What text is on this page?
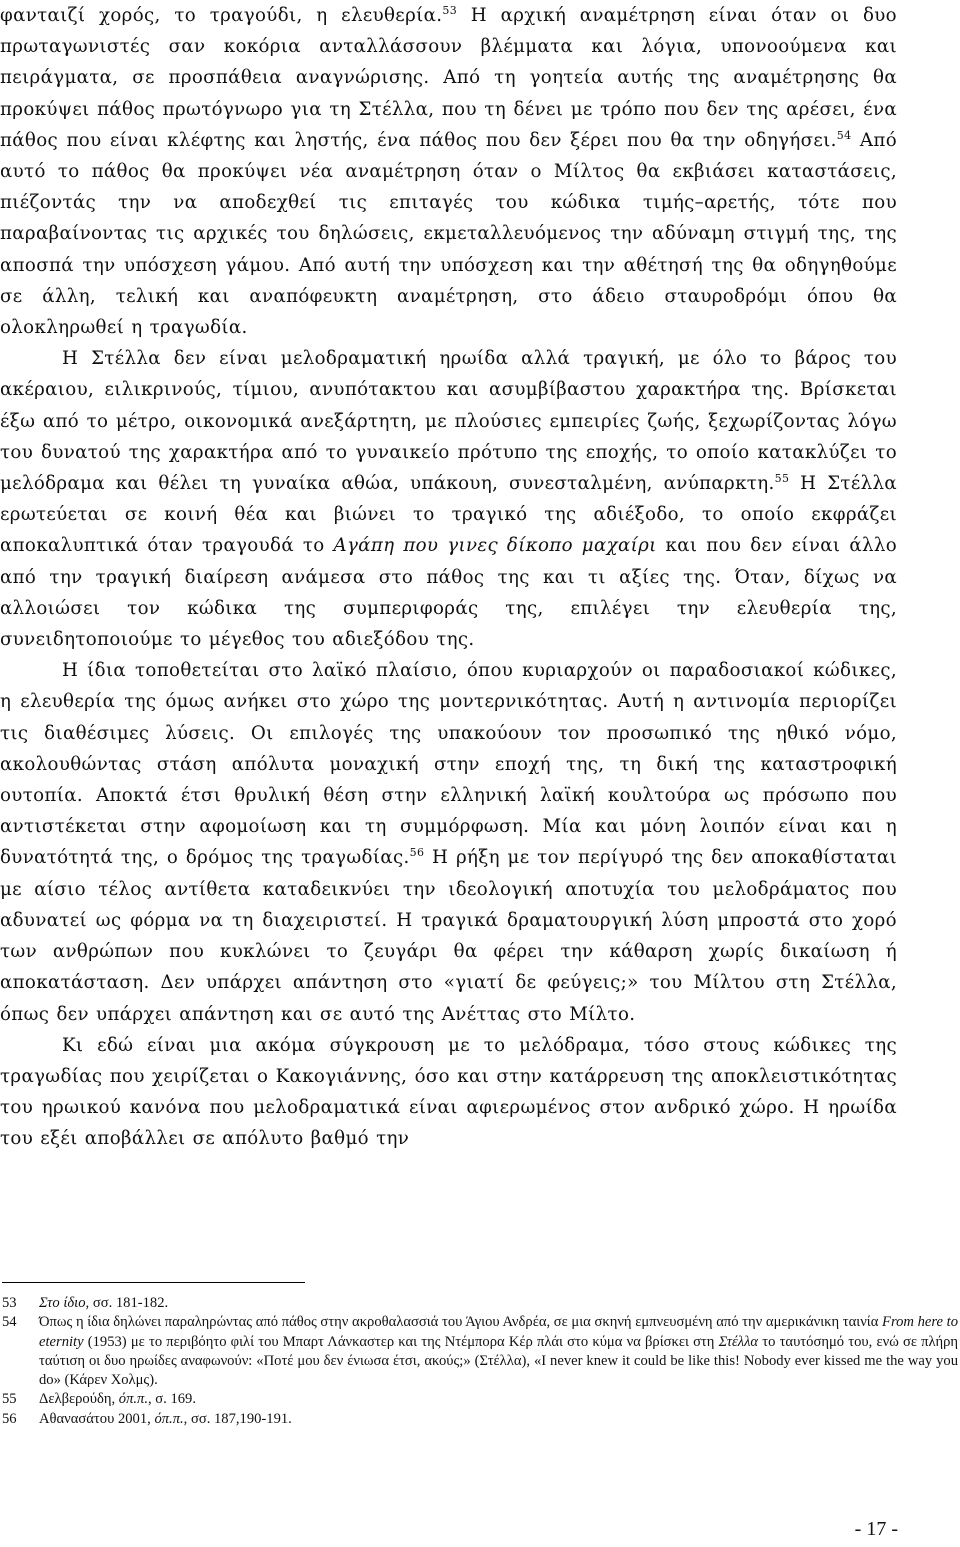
φανταιζί χορός, το τραγούδι, η ελευθερία.$^{53}$ Η αρχική αναμέτρηση είναι όταν οι δυο πρωταγωνιστές σαν κοκόρια ανταλλάσσουν βλέμματα και λόγια, υπονοούμενα και πειράγματα, σε προσπάθεια αναγνώρισης. Από τη γοητεία αυτής της αναμέτρησης θα προκύψει πάθος πρωτόγνωρο για τη Στέλλα, που τη δένει με τρόπο που δεν της αρέσει, ένα πάθος που είναι κλέφτης και ληστής, ένα πάθος που δεν ξέρει που θα την οδηγήσει.$^{54}$ Από αυτό το πάθος θα προκύψει νέα αναμέτρηση όταν ο Μίλτος θα εκβιάσει καταστάσεις, πιέζοντάς την να αποδεχθεί τις επιταγές του κώδικα τιμής–αρετής, τότε που παραβαίνοντας τις αρχικές του δηλώσεις, εκμεταλλευόμενος την αδύναμη στιγμή της, της αποσπά την υπόσχεση γάμου. Από αυτή την υπόσχεση και την αθέτησή της θα οδηγηθούμε σε άλλη, τελική και αναπόφευκτη αναμέτρηση, στο άδειο σταυροδρόμι όπου θα ολοκληρωθεί η τραγωδία.

Η Στέλλα δεν είναι μελοδραματική ηρωίδα αλλά τραγική, με όλο το βάρος του ακέραιου, ειλικρινούς, τίμιου, ανυπότακτου και ασυμβίβαστου χαρακτήρα της. Βρίσκεται έξω από το μέτρο, οικονομικά ανεξάρτητη, με πλούσιες εμπειρίες ζωής, ξεχωρίζοντας λόγω του δυνατού της χαρακτήρα από το γυναικείο πρότυπο της εποχής, το οποίο κατακλύζει το μελόδραμα και θέλει τη γυναίκα αθώα, υπάκουη, συνεσταλμένη, ανύπαρκτη.$^{55}$ Η Στέλλα ερωτεύεται σε κοινή θέα και βιώνει το τραγικό της αδιέξοδο, το οποίο εκφράζει αποκαλυπτικά όταν τραγουδά το Αγάπη που γινες δίκοπο μαχαίρι και που δεν είναι άλλο από την τραγική διαίρεση ανάμεσα στο πάθος της και τι αξίες της. Όταν, δίχως να αλλοιώσει τον κώδικα της συμπεριφοράς της, επιλέγει την ελευθερία της, συνειδητοποιούμε το μέγεθος του αδιεξόδου της.

Η ίδια τοποθετείται στο λαϊκό πλαίσιο, όπου κυριαρχούν οι παραδοσιακοί κώδικες, η ελευθερία της όμως ανήκει στο χώρο της μοντερνικότητας. Αυτή η αντινομία περιορίζει τις διαθέσιμες λύσεις. Οι επιλογές της υπακούουν τον προσωπικό της ηθικό νόμο, ακολουθώντας στάση απόλυτα μοναχική στην εποχή της, τη δική της καταστροφική ουτοπία. Αποκτά έτσι θρυλική θέση στην ελληνική λαϊκή κουλτούρα ως πρόσωπο που αντιστέκεται στην αφομοίωση και τη συμμόρφωση. Μία και μόνη λοιπόν είναι και η δυνατότητά της, ο δρόμος της τραγωδίας.$^{56}$ Η ρήξη με τον περίγυρό της δεν αποκαθίσταται με αίσιο τέλος αντίθετα καταδεικνύει την ιδεολογική αποτυχία του μελοδράματος που αδυνατεί ως φόρμα να τη διαχειριστεί. Η τραγικά δραματουργική λύση μπροστά στο χορό των ανθρώπων που κυκλώνει το ζευγάρι θα φέρει την κάθαρση χωρίς δικαίωση ή αποκατάσταση. Δεν υπάρχει απάντηση στο «γιατί δε φεύγεις;» του Μίλτου στη Στέλλα, όπως δεν υπάρχει απάντηση και σε αυτό της Ανέττας στο Μίλτο.

Κι εδώ είναι μια ακόμα σύγκρουση με το μελόδραμα, τόσο στους κώδικες της τραγωδίας που χειρίζεται ο Κακογιάννης, όσο και στην κατάρρευση της αποκλειστικότητας του ηρωικού κανόνα που μελοδραματικά είναι αφιερωμένος στον ανδρικό χώρο. Η ηρωίδα του εξέι αποβάλλει σε απόλυτο βαθμό την

53	Στο ίδιο, σσ. 181-182.
54	Όπως η ίδια δηλώνει παραληρώντας από πάθος στην ακροθαλασσιά του Άγιου Ανδρέα, σε μια σκηνή εμπνευσμένη από την αμερικάνικη ταινία From here to eternity (1953) με το περιβόητο φιλί του Μπαρτ Λάνκαστερ και της Ντέμπορα Κέρ πλάι στο κύμα να βρίσκει στη Στέλλα το ταυτόσημό του, ενώ σε πλήρη ταύτιση οι δυο ηρωίδες αναφωνούν: «Ποτέ μου δεν ένιωσα έτσι, ακούς;» (Στέλλα), «I never knew it could be like this! Nobody ever kissed me the way you do» (Κάρεν Χολμς).
55	Δελβερούδη, όπ.π., σ. 169.
56	Αθανασάτου 2001, όπ.π., σσ. 187,190-191.
- 17 -
